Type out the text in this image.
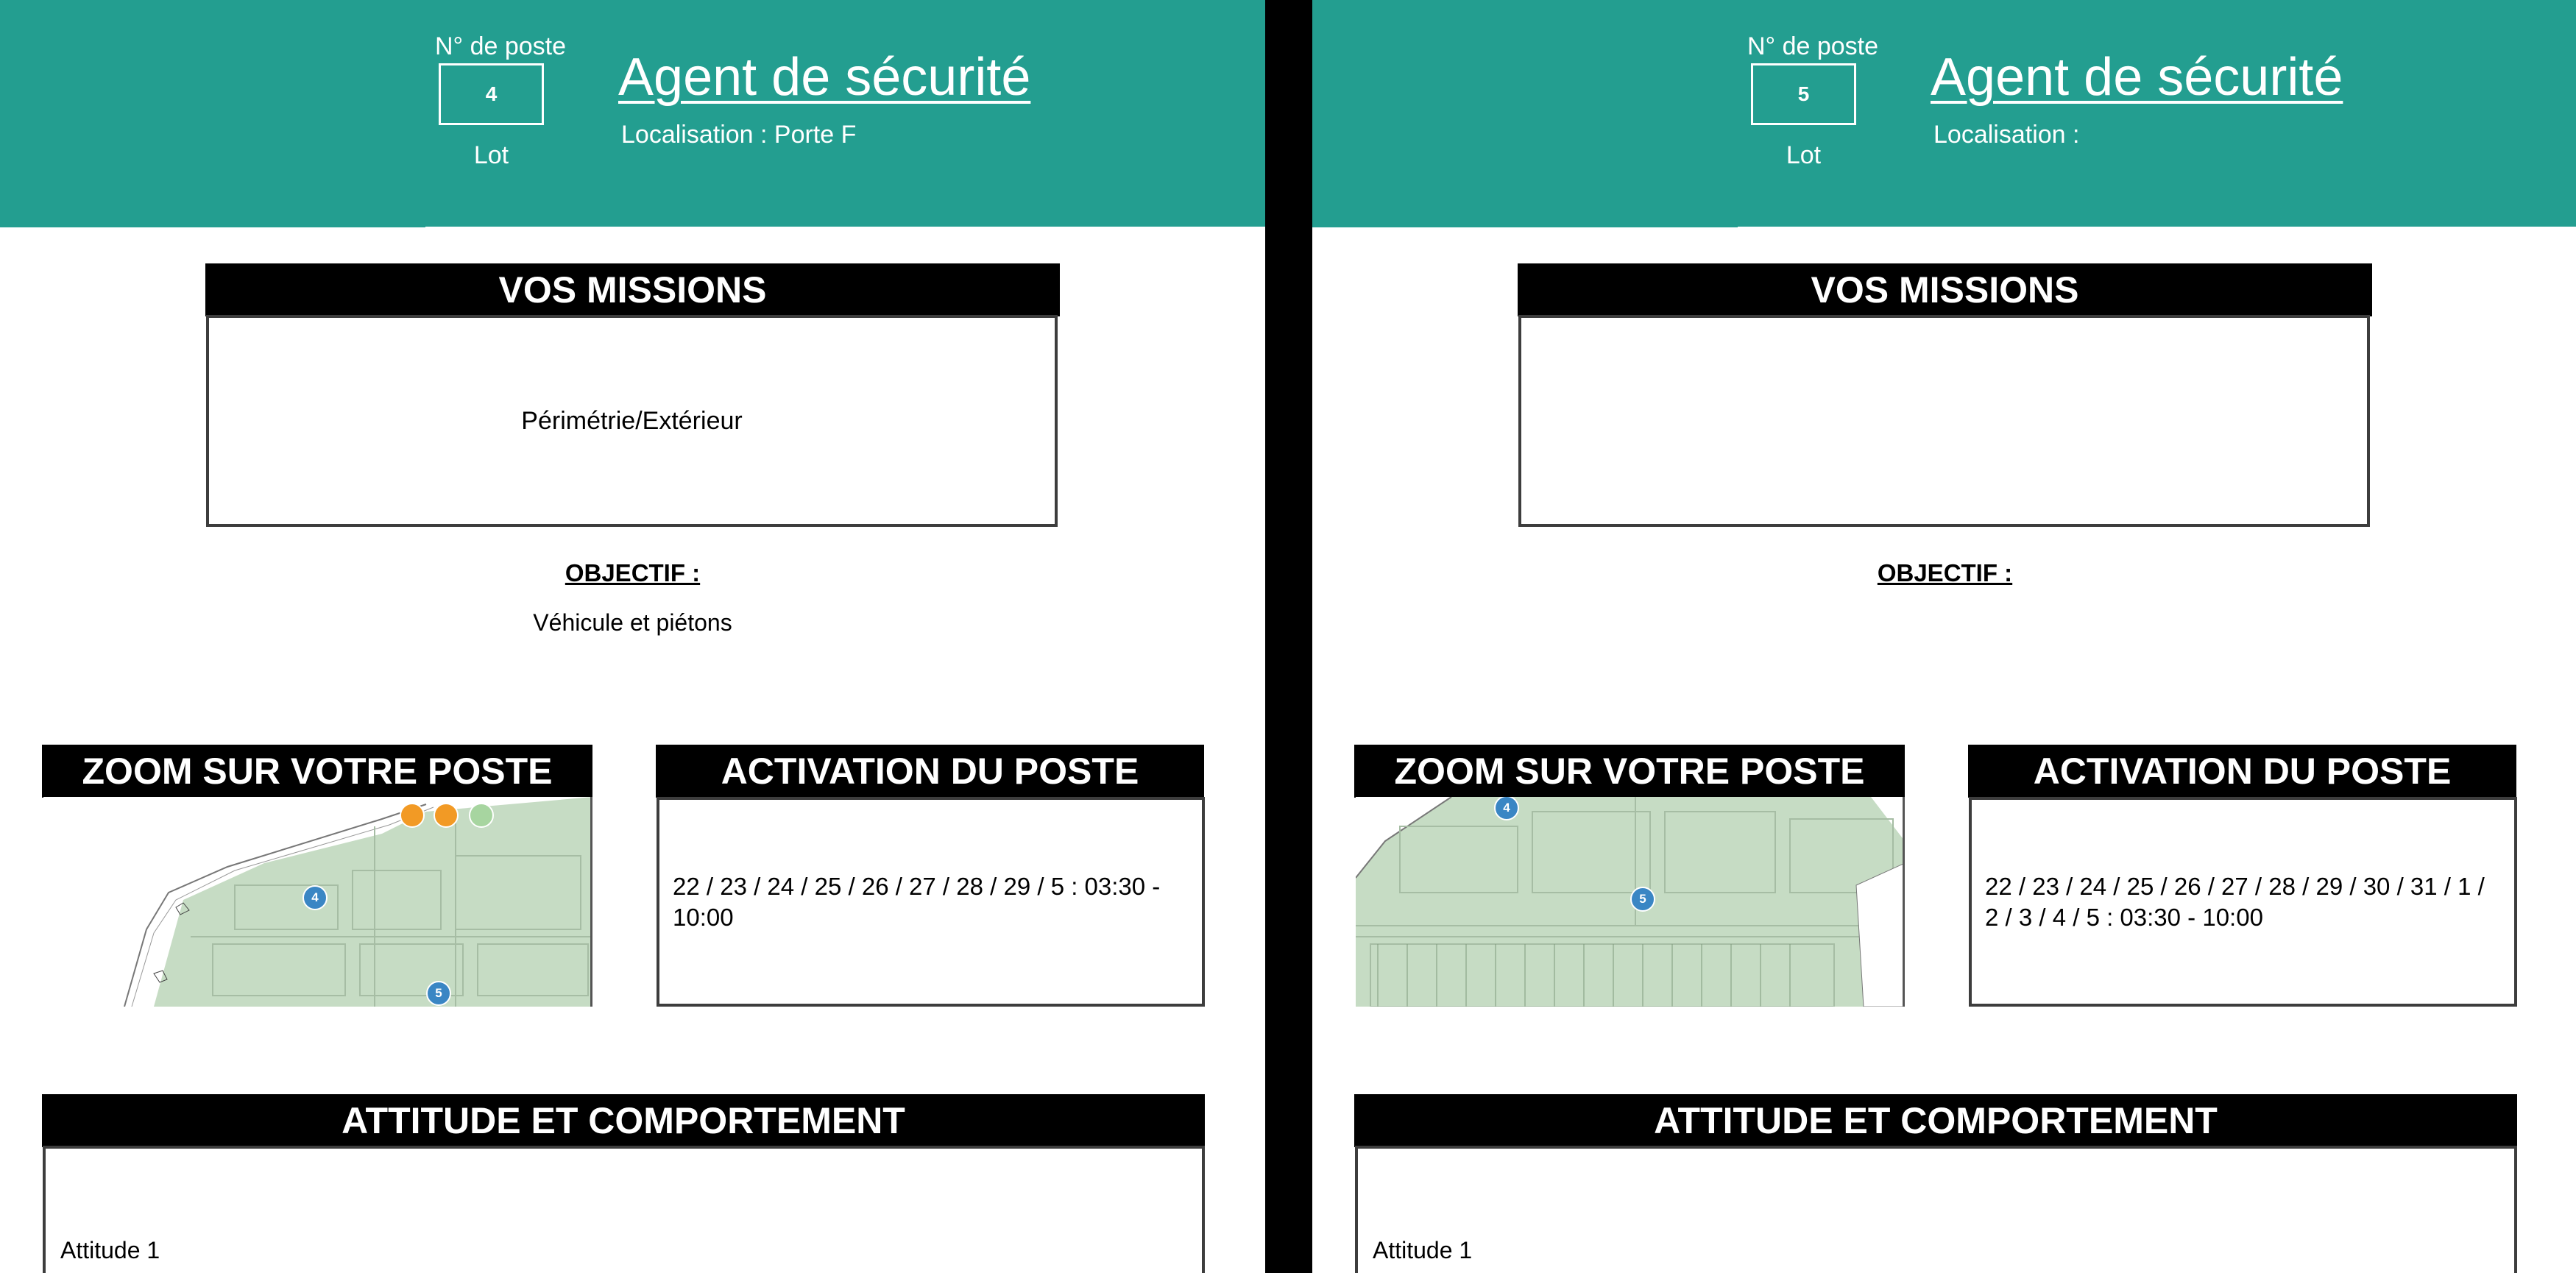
N° de poste
4
Lot
Agent de sécurité
Localisation : Porte F
VOS MISSIONS
Périmétrie/Extérieur
OBJECTIF :
Véhicule et piétons
ZOOM SUR VOTRE POSTE
4
5
ACTIVATION DU POSTE
22 / 23 / 24 / 25 / 26 / 27 / 28 / 29 / 5 : 03:30 - 10:00
ATTITUDE ET COMPORTEMENT
Attitude 1
N° de poste
5
Lot
Agent de sécurité
Localisation :
VOS MISSIONS
OBJECTIF :
ZOOM SUR VOTRE POSTE
4
5
ACTIVATION DU POSTE
22 / 23 / 24 / 25 / 26 / 27 / 28 / 29 / 30 / 31 / 1 / 2 / 3 / 4 / 5 : 03:30 - 10:00
ATTITUDE ET COMPORTEMENT
Attitude 1
